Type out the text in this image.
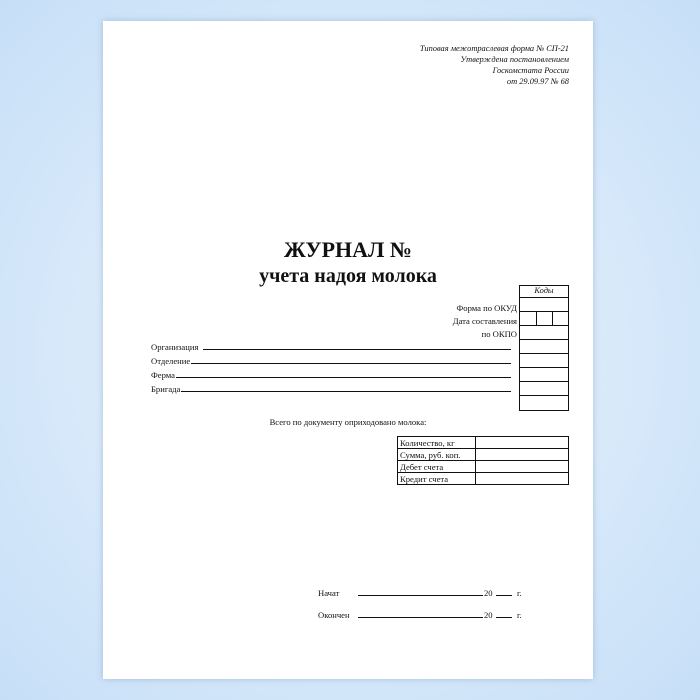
Типовая межотраслевая форма № СП-21
Утверждена постановлением
Госкомстата России
от 29.09.97 № 68
ЖУРНАЛ №
учета надоя молока
Коды
Форма по ОКУД
Дата составления
по ОКПО
Организация
Отделение
Ферма
Бригада
Всего по документу оприходовано молока:
Количество, кг	
Сумма, руб. коп.	
Дебет счета	
Кредит счета	
Начат	20	г.
Окончен	20	г.
